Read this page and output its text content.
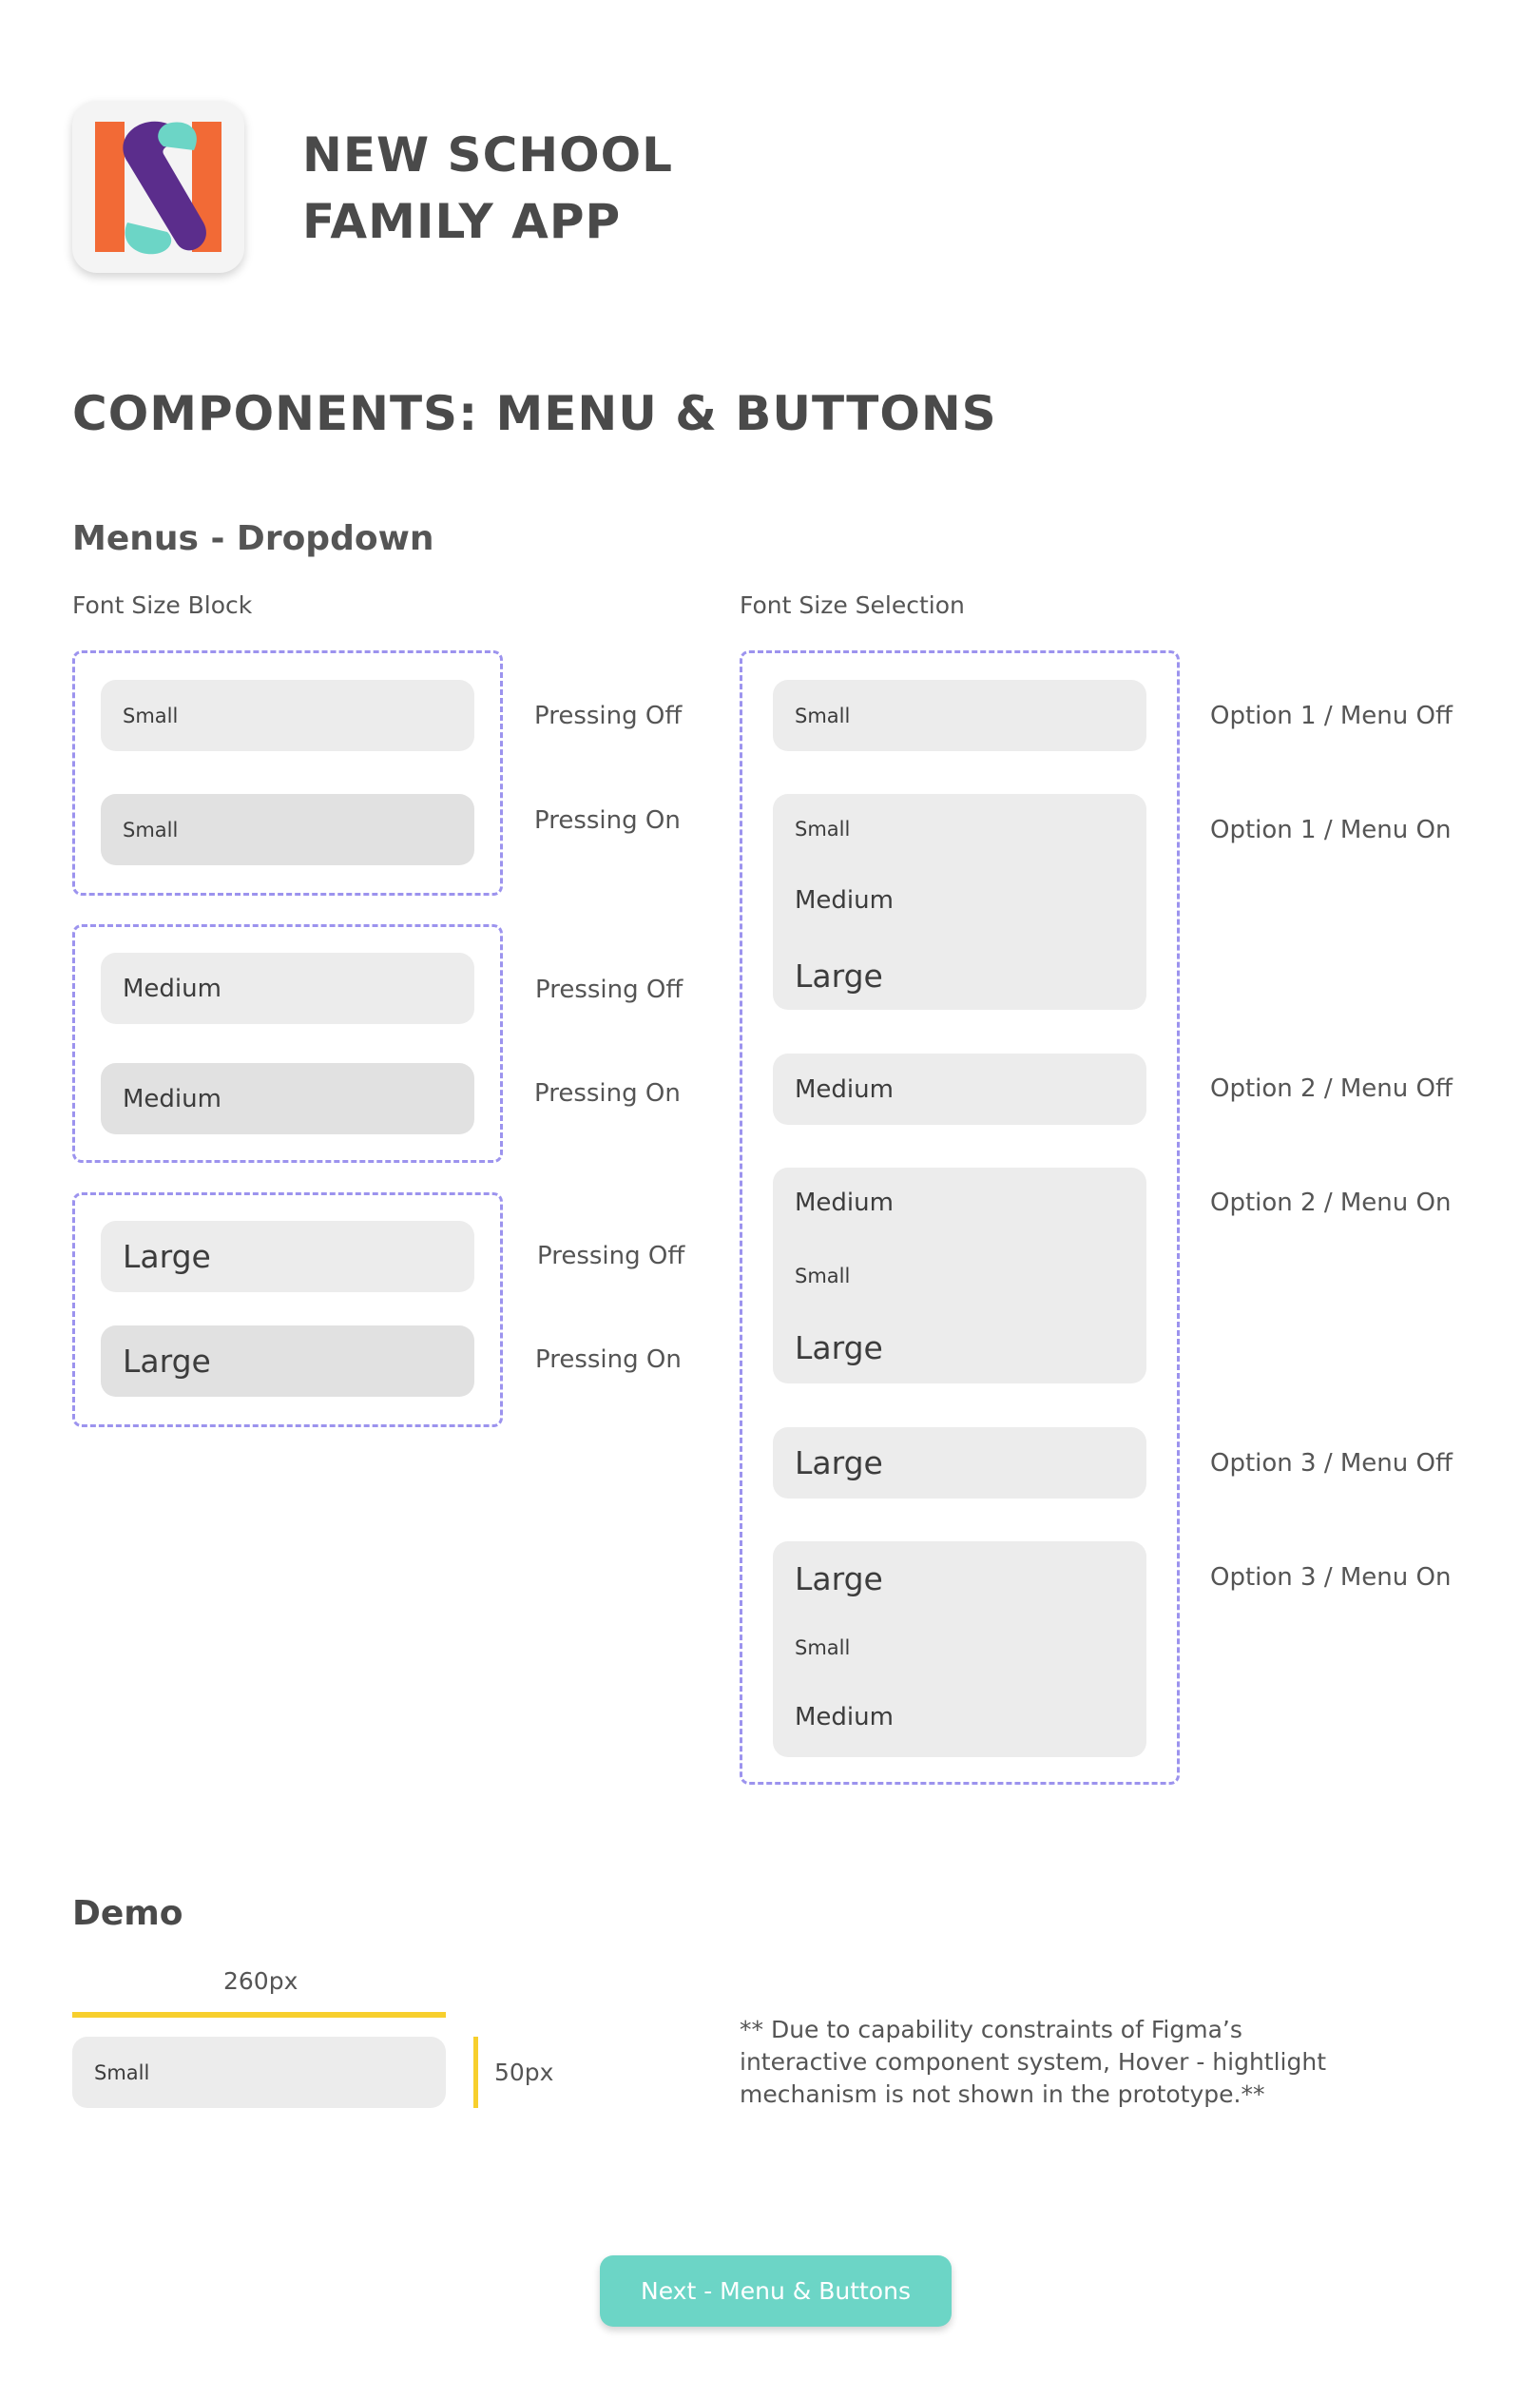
NEW SCHOOL
FAMILY APP
COMPONENTS: MENU & BUTTONS
Menus - Dropdown
Font Size Block
Small
Small
Pressing Off
Pressing On
Medium
Medium
Pressing Off
Pressing On
Large
Large
Pressing Off
Pressing On
Font Size Selection
Small	Option 1 / Menu Off
Small
Medium
Large
Option 1 / Menu On
Medium	Option 2 / Menu Off
Medium
Small
Large
Option 2 / Menu On
Large	Option 3 / Menu Off
Large
Small
Medium
Option 3 / Menu On
Demo
260px
Small	50px
** Due to capability constraints of Figma’s interactive component system, Hover - hightlight mechanism is not shown in the prototype.**
Next - Menu & Buttons
